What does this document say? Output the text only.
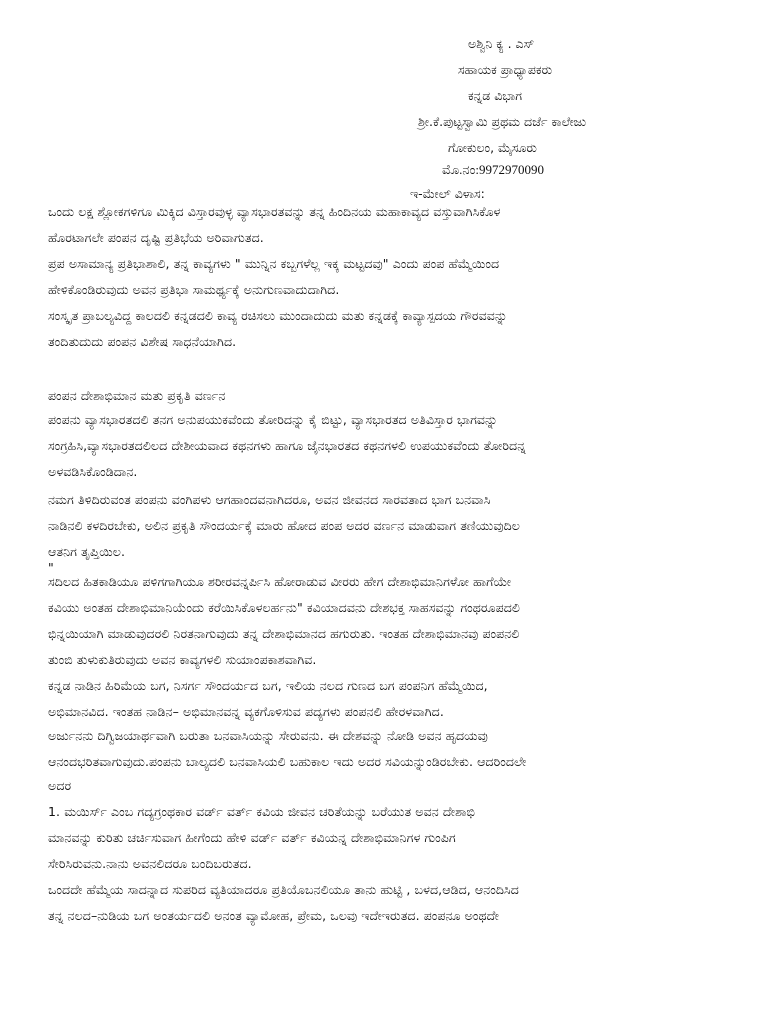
ಅಶ್ವಿನಿ ಕ್ಯ . ಎಸ್
ಸಹಾಯಕ ಪ್ರಾಧ್ಯಾಪಕರು
ಕನ್ನಡ ವಿಭಾಗ
ಶ್ರೀ.ಕೆ.ಪುಟ್ಟಸ್ವಾಮಿ ಪ್ರಥಮ ದರ್ಜೆ ಕಾಲೇಜು
ಗೋಕುಲಂ, ಮೈಸೂರು
ಮೊ.ನಂ:9972970090
ಇ-ಮೇಲ್ ವಿಳಾಸ:
ಒಂದು ಲಕ್ಷ ಶ್ಲೋಕಗಳಿಗೂ ಮಿಕ್ಕಿದ ವಿಸ್ತಾರವುಳ್ಳ ವ್ಯಾಸಭಾರತವನ್ನು ತನ್ನ ಹಿಂದಿನಯ ಮಹಾಕಾವ್ಯದ ವಸ್ತುವಾಗಿಸಿಕೊಳ
ಹೊರಟಾಗಲೇ ಪಂಪನ ದೃಷ್ಟಿ ಪ್ರತಿಭೆಯ ಅರಿವಾಗುತದ.
ಪ್ರಪ ಅಸಾಮಾನ್ಯ ಪ್ರತಿಭಾಶಾಲಿ, ತನ್ನ ಕಾವ್ಯಗಳು " ಮುನ್ನಿನ ಕಬ್ಬಗಳೆಲ್ಲ ಇಕ್ಕ ಮಟ್ಟದವು" ಎಂದು ಪಂಪ ಹೆಮ್ಮೆಯಿಂದ
ಹೇಳಿಕೊಂಡಿರುವುದು ಅವನ ಪ್ರತಿಭಾ ಸಾಮರ್ಥ್ಯಕ್ಕೆ ಅನುಗುಣವಾದುದಾಗಿದ.
ಸಂಸ್ಕೃತ ಪ್ರಾಬಲ್ಯವಿದ್ದ ಕಾಲದಲಿ ಕನ್ನಡದಲಿ ಕಾವ್ಯ ರಚಿಸಲು ಮುಂದಾದುದು ಮತು ಕನ್ನಡಕ್ಕೆ ಕಾವ್ಯಾಸ್ಪದಯ ಗೌರವವನ್ನು
ತಂದಿತುದುದು ಪಂಪನ ವಿಶೇಷ ಸಾಧನೆಯಾಗಿದ.
ಪಂಪನ ದೇಶಾಭಿಮಾನ ಮತು ಪ್ರಕೃತಿ ವರ್ಣನ
ಪಂಪನು ವ್ಯಾಸಭಾರತದಲಿ ತನಗ ಅನುಪಯುಕವೆಂದು ತೋರಿದನ್ನು ಕೈ ಬಿಟ್ಟು, ವ್ಯಾಸಭಾರತದ ಅತಿವಿಸ್ತಾರ ಭಾಗವನ್ನು
ಸಂಗ್ರಹಿಸಿ,ವ್ಯಾಸಭಾರತದಲಿಲದ ದೇಶೀಯವಾದ ಕಥನಗಳು ಹಾಗೂ ಜೈನಭಾರತದ ಕಥನಗಳಲಿ ಉಪಯುಕವೆಂದು ತೋರಿದನ್ನ
ಅಳವಡಿಸಿಕೊಂಡಿದಾನ.
ನಮಗ ತಿಳಿದಿರುವಂತ ಪಂಪನು ವಂಗಿಪಳು ಆಗಹಾಂದವನಾಗಿದರೂ, ಅವನ ಜೀವನದ ಸಾರವತಾದ ಭಾಗ ಬನವಾಸಿ
ನಾಡಿನಲಿ ಕಳದಿರಬೇಕು, ಅಲಿನ ಪ್ರಕೃತಿ ಸೌಂದರ್ಯಕ್ಕೆ ಮಾರು ಹೋದ ಪಂಪ ಅದರ ವರ್ಣನ ಮಾಡುವಾಗ ತಣಿಯುವುದಿಲ
ಆತನಿಗ ತೃಪ್ತಿಯಿಲ.
"
ಸದಿಲದ ಹಿತಕಾಡಿಯೂ ಪಳಿಗಗಾಗಿಯೂ ಶರೀರವನ್ನರ್ಪಿಸಿ ಹೋರಾಡುವ ವೀರರು ಹೇಗ ದೇಶಾಭಿಮಾನಿಗಳೋ ಹಾಗೆಯೇ
ಕವಿಯು ಅಂತಹ ದೇಶಾಭಿಮಾನಿಯೆಂದು ಕರೆಯಿಸಿಕೊಳಲರ್ಹನು" ಕವಿಯಾದವನು ದೇಶಭಕ್ತ ಸಾಹಸವನ್ನು ಗಂಥರೂಪದಲಿ
ಭಿನ್ನಯಿಯಾಗಿ ಮಾಡುವುದರಲಿ ನಿರತನಾಗುವುದು ತನ್ನ ದೇಶಾಭಿಮಾನದ ಹಗುರುತು. ಇಂತಹ ದೇಶಾಭಿಮಾನವು ಪಂಪನಲಿ
ತುಂಬಿ ತುಳುಕುತಿರುವುದು ಅವನ ಕಾವ್ಯಗಳಲಿ ಸುಯಾಂಪಕಾಶವಾಗಿವ.
ಕನ್ನಡ ನಾಡಿನ ಹಿರಿಮೆಯ ಬಗ, ನಿಸರ್ಗ ಸೌಂದರ್ಯದ ಬಗ, ಇಲಿಯ ನಲದ ಗುಣದ ಬಗ ಪಂಪನಿಗ ಹೆಮ್ಮೆಯಿದ,
ಅಭಿಮಾನವಿದ. ಇಂತಹ ನಾಡಿನ– ಅಭಿಮಾನವನ್ನ ವ್ಯಕಗೊಳಿಸುವ ಪದ್ಯಗಳು ಪಂಪನಲಿ ಹೇರಳವಾಗಿದ.
ಅರ್ಜುನನು ದಿಗ್ವಿಜಯಾರ್ಥವಾಗಿ ಬರುತಾ ಬನವಾಸಿಯನ್ನು ಸೇರುವನು. ಈ ದೇಶವನ್ನು ನೋಡಿ ಅವನ ಹೃದಯವು
ಆನಂದಭರಿತವಾಗುವುದು.ಪಂಪನು ಬಾಲ್ಯದಲಿ ಬನವಾಸಿಯಲಿ ಬಹುಕಾಲ ಇದು ಅದರ ಸವಿಯನ್ನುಂಡಿರಬೇಕು. ಆದರಿಂದಲೇ
ಅದರ
1. ಮಯಿರ್ಸ್ ಎಂಬ ಗದ್ಯಗ್ರಂಥಕಾರ ವರ್ಡ್ ವರ್ತ್ ಕವಿಯ ಜೀವನ ಚರಿತೆಯನ್ನು ಬರೆಯುತ ಅವನ ದೇಶಾಭಿ
ಮಾನವನ್ನು ಕುರಿತು ಚರ್ಚಿಸುವಾಗ ಹೀಗೆಂದು ಹೇಳಿ ವರ್ಡ್ ವರ್ತ್ ಕವಿಯನ್ನ ದೇಶಾಭಿಮಾನಿಗಳ ಗುಂಪಿಗ
ಸೇರಿಸಿರುವನು.ನಾನು ಅವನಲಿದರೂ ಬಂದಿಬರುತದ.
ಒಂದದೇ ಹೆಮ್ಮೆಯ ಸಾದನ್ನಾದ ಸುಪರಿದ ವ್ಯತಿಯಾದರೂ ಪ್ರತಿಯೊಬನಲಿಯೂ ತಾನು ಹುಟ್ಟಿ , ಬಳದ,ಆಡಿದ, ಆನಂದಿಸಿದ
ತನ್ನ ನಲದ–ನುಡಿಯ ಬಗ ಅಂತರ್ಯದಲಿ ಅನಂತ ವ್ಯಾಮೋಹ, ಪ್ರೇಮ, ಒಲವು ಇದೇಇರುತದ. ಪಂಪನೂ ಅಂಥದೇ
